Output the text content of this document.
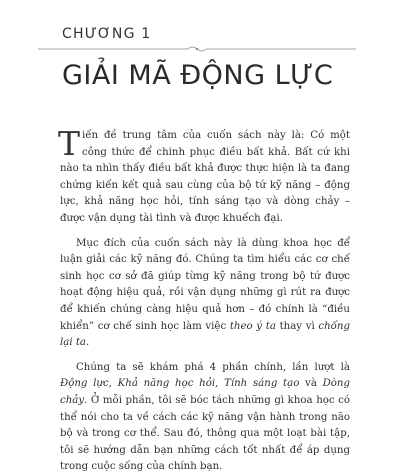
CHƯƠNG 1
GIẢI MÃ ĐỘNG LỰC

Tiến đề trung tâm của cuốn sách này là: Có một công thức để chinh phục điều bất khả. Bất cứ khi nào ta nhìn thấy điều bất khả được thực hiện là ta đang chứng kiến kết quả sau cùng của bộ tứ kỹ năng – động lực, khả năng học hỏi, tính sáng tạo và dòng chảy – được vận dụng tài tình và được khuếch đại.

Mục đích của cuốn sách này là dùng khoa học để luận giải các kỹ năng đó. Chúng ta tìm hiểu các cơ chế sinh học cơ sở đã giúp từng kỹ năng trong bộ tứ được hoạt động hiệu quả, rồi vận dụng những gì rút ra được để khiến chúng càng hiệu quả hơn – đó chính là “điều khiển” cơ chế sinh học làm việc theo ý ta thay vì chống lại ta.

Chúng ta sẽ khám phá 4 phần chính, lần lượt là Động lực, Khả năng học hỏi, Tính sáng tạo và Dòng chảy. Ở mỗi phần, tôi sẽ bóc tách những gì khoa học có thể nói cho ta về cách các kỹ năng vận hành trong não bộ và trong cơ thể. Sau đó, thông qua một loạt bài tập, tôi sẽ hướng dẫn bạn những cách tốt nhất để áp dụng trong cuộc sống của chính bạn.
